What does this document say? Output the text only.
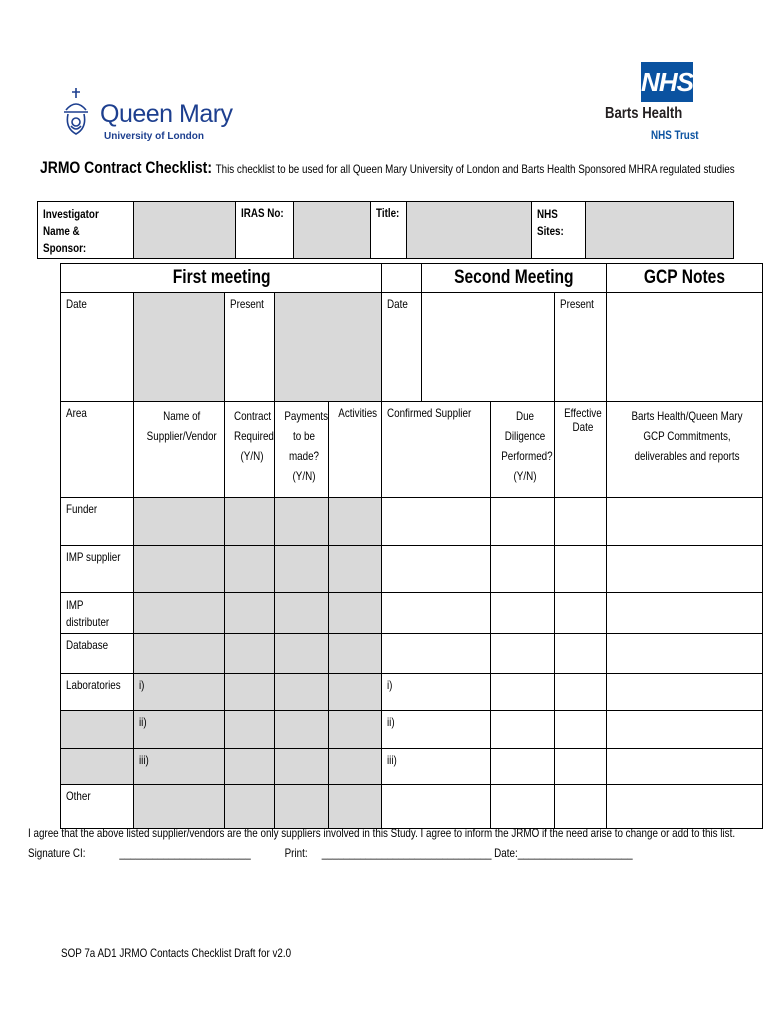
Queen Mary
University of London
NHS
Barts Health
NHS Trust
JRMO Contract Checklist: This checklist to be used for all Queen Mary University of London and Barts Health Sponsored MHRA regulated studies
Investigator Name & Sponsor:		IRAS No:		Title:		NHS Sites:	
First meeting						Second Meeting			GCP Notes
Date		Present			Date			Present	
Area	Name of Supplier/Vendor	Contract Required (Y/N)	Payments to be made? (Y/N)	Activities	Confirmed Supplier		Due Diligence Performed? (Y/N)	Effective Date	Barts Health/Queen Mary GCP Commitments, deliverables and reports
Funder									
IMP supplier									
IMP distributer									
Database									
Laboratories	i)				i)				
	ii)				ii)				
	iii)				iii)				
Other									
I agree that the above listed supplier/vendors are the only suppliers involved in this Study. I agree to inform the JRMO if the need arise to change or add to this list.
Signature CI:	________________________	Print: _______________________________ Date:_____________________
SOP 7a AD1 JRMO Contacts Checklist Draft for v2.0
